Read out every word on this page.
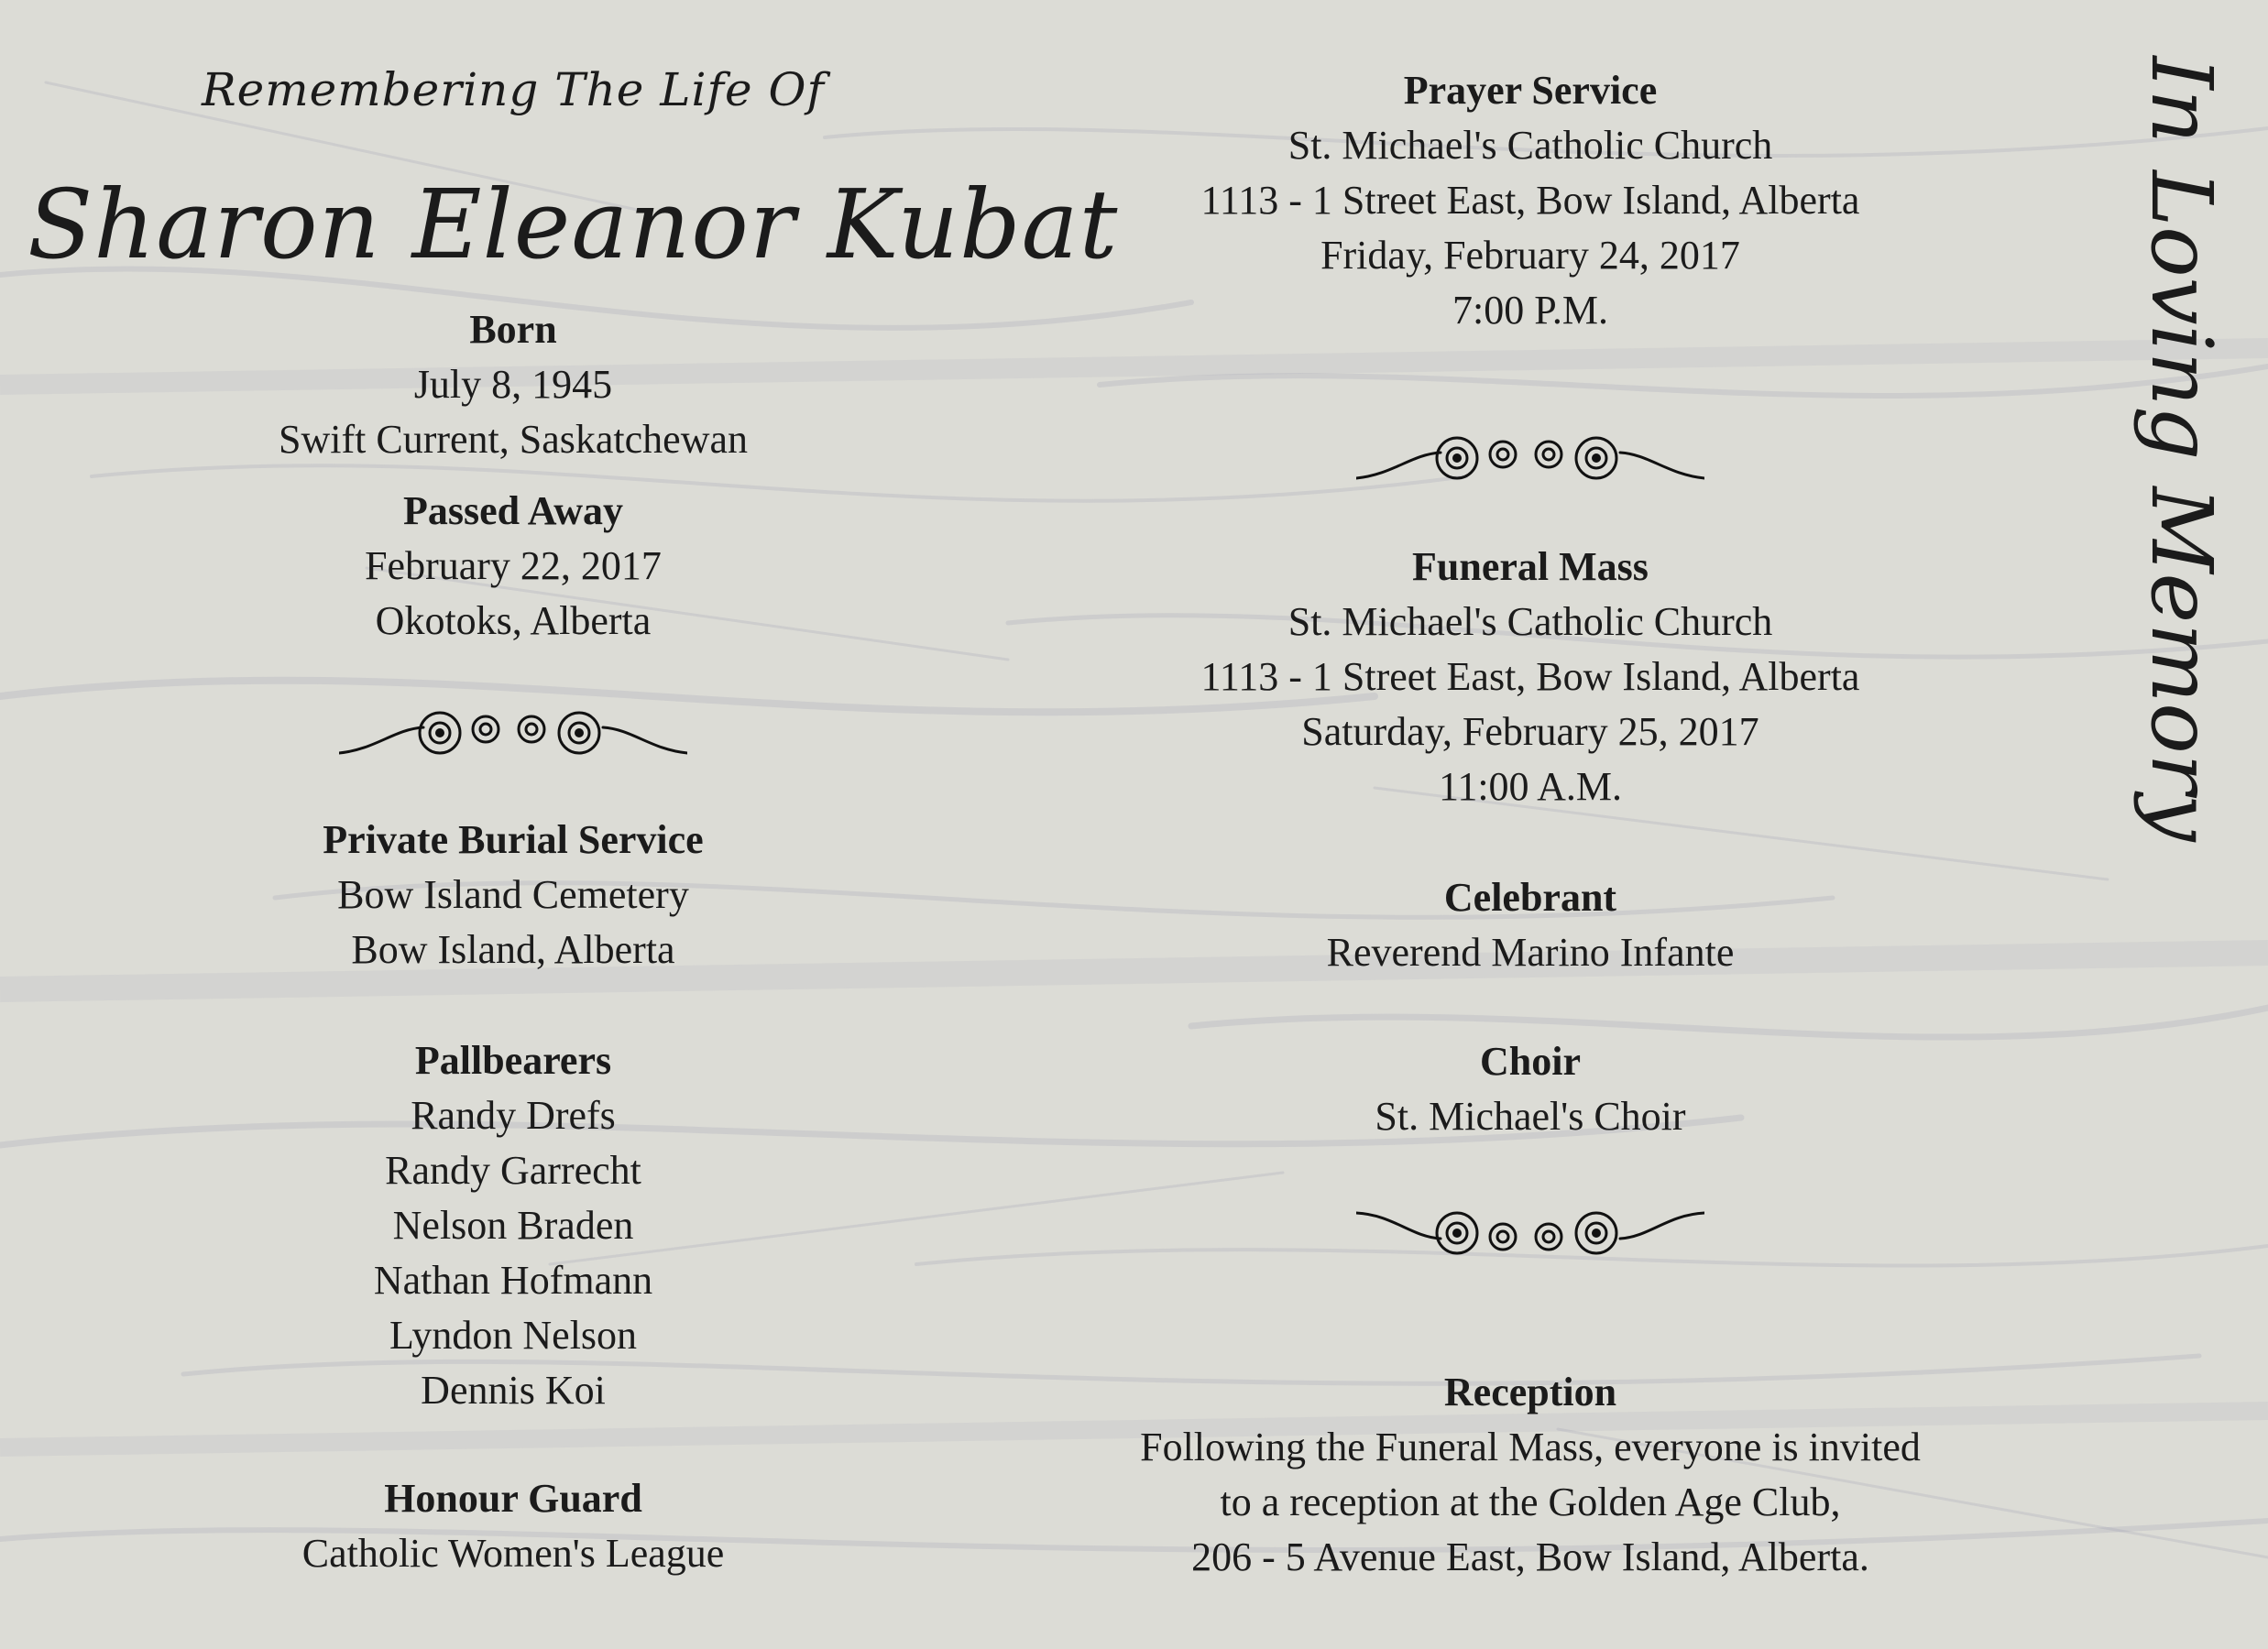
Remembering The Life Of
Sharon Eleanor Kubat	In Loving Memory
Born
July 8, 1945
Swift Current, Saskatchewan
Passed Away
February 22, 2017
Okotoks, Alberta
Private Burial Service
Bow Island Cemetery
Bow Island, Alberta
Pallbearers
Randy Drefs
Randy Garrecht
Nelson Braden
Nathan Hofmann
Lyndon Nelson
Dennis Koi
Honour Guard
Catholic Women's League
Prayer Service
St. Michael's Catholic Church
1113 - 1 Street East, Bow Island, Alberta
Friday, February 24, 2017
7:00 P.M.
Funeral Mass
St. Michael's Catholic Church
1113 - 1 Street East, Bow Island, Alberta
Saturday, February 25, 2017
11:00 A.M.
Celebrant
Reverend Marino Infante
Choir
St. Michael's Choir
Reception
Following the Funeral Mass, everyone is invited
to a reception at the Golden Age Club,
206 - 5 Avenue East, Bow Island, Alberta.
